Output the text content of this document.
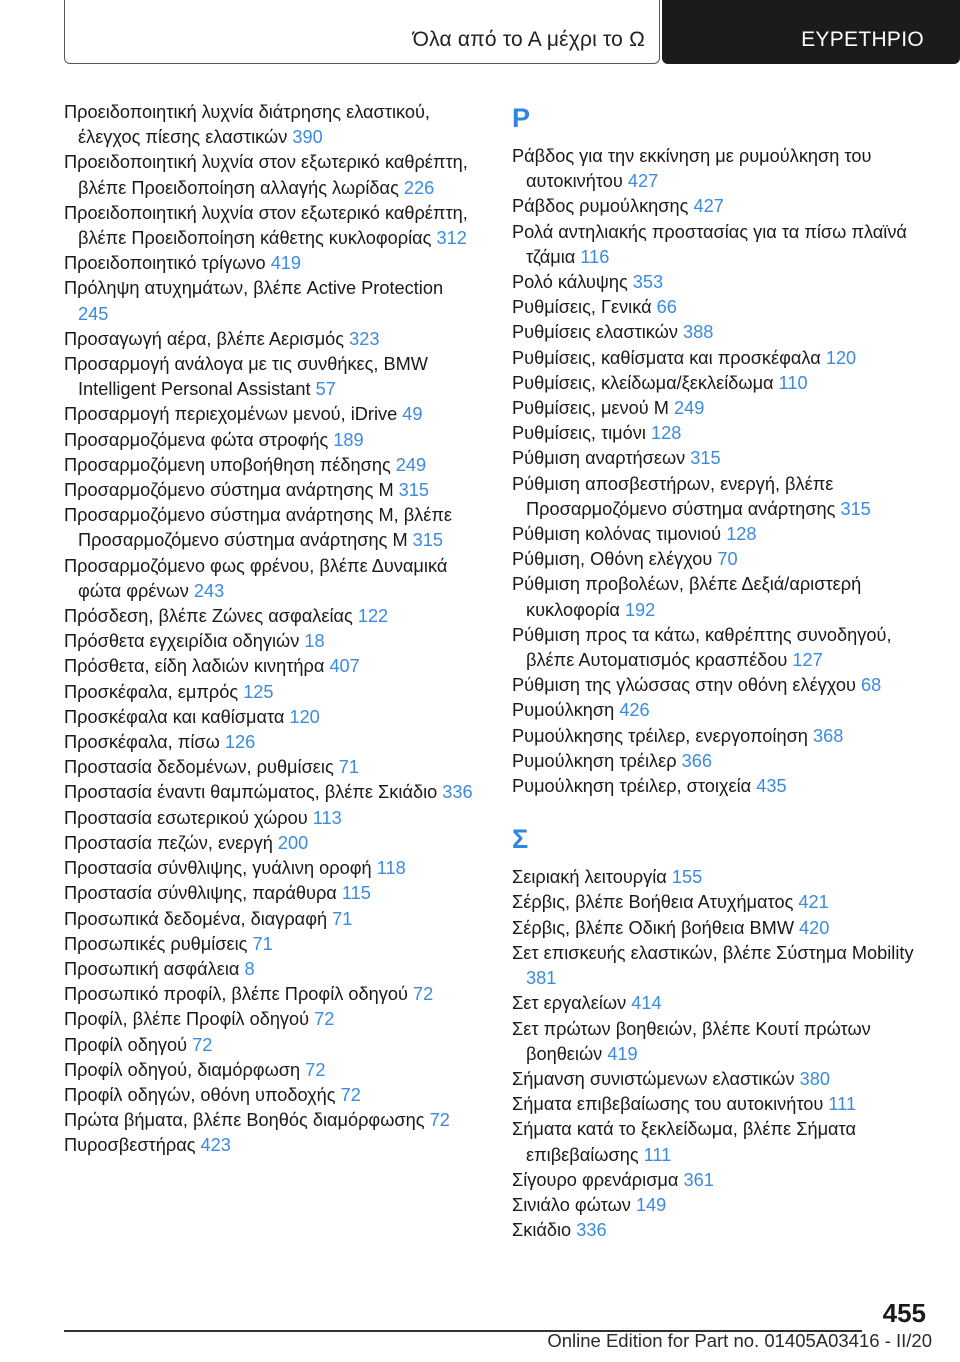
Όλα από το Α μέχρι το Ω	ΕΥΡΕΤΗΡΙΟ
Προειδοποιητική λυχνία διάτρησης ελαστικού, έλεγχος πίεσης ελαστικών 390
Προειδοποιητική λυχνία στον εξωτερικό καθρέπτη, βλέπε Προειδοποίηση αλλαγής λωρίδας 226
Προειδοποιητική λυχνία στον εξωτερικό καθρέπτη, βλέπε Προειδοποίηση κάθετης κυκλοφορίας 312
Προειδοποιητικό τρίγωνο 419
Πρόληψη ατυχημάτων, βλέπε Active Protection 245
Προσαγωγή αέρα, βλέπε Αερισμός 323
Προσαρμογή ανάλογα με τις συνθήκες, BMW Intelligent Personal Assistant 57
Προσαρμογή περιεχομένων μενού, iDrive 49
Προσαρμοζόμενα φώτα στροφής 189
Προσαρμοζόμενη υποβοήθηση πέδησης 249
Προσαρμοζόμενο σύστημα ανάρτησης M 315
Προσαρμοζόμενο σύστημα ανάρτησης M, βλέπε Προσαρμοζόμενο σύστημα ανάρτησης M 315
Προσαρμοζόμενο φως φρένου, βλέπε Δυναμικά φώτα φρένων 243
Πρόσδεση, βλέπε Ζώνες ασφαλείας 122
Πρόσθετα εγχειρίδια οδηγιών 18
Πρόσθετα, είδη λαδιών κινητήρα 407
Προσκέφαλα, εμπρός 125
Προσκέφαλα και καθίσματα 120
Προσκέφαλα, πίσω 126
Προστασία δεδομένων, ρυθμίσεις 71
Προστασία έναντι θαμπώματος, βλέπε Σκιάδιο 336
Προστασία εσωτερικού χώρου 113
Προστασία πεζών, ενεργή 200
Προστασία σύνθλιψης, γυάλινη οροφή 118
Προστασία σύνθλιψης, παράθυρα 115
Προσωπικά δεδομένα, διαγραφή 71
Προσωπικές ρυθμίσεις 71
Προσωπική ασφάλεια 8
Προσωπικό προφίλ, βλέπε Προφίλ οδηγού 72
Προφίλ, βλέπε Προφίλ οδηγού 72
Προφίλ οδηγού 72
Προφίλ οδηγού, διαμόρφωση 72
Προφίλ οδηγών, οθόνη υποδοχής 72
Πρώτα βήματα, βλέπε Βοηθός διαμόρφωσης 72
Πυροσβεστήρας 423
Ρ
Ράβδος για την εκκίνηση με ρυμούλκηση του αυτοκινήτου 427
Ράβδος ρυμούλκησης 427
Ρολά αντηλιακής προστασίας για τα πίσω πλαϊνά τζάμια 116
Ρολό κάλυψης 353
Ρυθμίσεις, Γενικά 66
Ρυθμίσεις ελαστικών 388
Ρυθμίσεις, καθίσματα και προσκέφαλα 120
Ρυθμίσεις, κλείδωμα/ξεκλείδωμα 110
Ρυθμίσεις, μενού M 249
Ρυθμίσεις, τιμόνι 128
Ρύθμιση αναρτήσεων 315
Ρύθμιση αποσβεστήρων, ενεργή, βλέπε Προσαρμοζόμενο σύστημα ανάρτησης 315
Ρύθμιση κολόνας τιμονιού 128
Ρύθμιση, Οθόνη ελέγχου 70
Ρύθμιση προβολέων, βλέπε Δεξιά/αριστερή κυκλοφορία 192
Ρύθμιση προς τα κάτω, καθρέπτης συνοδηγού, βλέπε Αυτοματισμός κρασπέδου 127
Ρύθμιση της γλώσσας στην οθόνη ελέγχου 68
Ρυμούλκηση 426
Ρυμούλκησης τρέιλερ, ενεργοποίηση 368
Ρυμούλκηση τρέιλερ 366
Ρυμούλκηση τρέιλερ, στοιχεία 435
Σ
Σειριακή λειτουργία 155
Σέρβις, βλέπε Βοήθεια Ατυχήματος 421
Σέρβις, βλέπε Οδική βοήθεια BMW 420
Σετ επισκευής ελαστικών, βλέπε Σύστημα Mobility 381
Σετ εργαλείων 414
Σετ πρώτων βοηθειών, βλέπε Κουτί πρώτων βοηθειών 419
Σήμανση συνιστώμενων ελαστικών 380
Σήματα επιβεβαίωσης του αυτοκινήτου 111
Σήματα κατά το ξεκλείδωμα, βλέπε Σήματα επιβεβαίωσης 111
Σίγουρο φρενάρισμα 361
Σινιάλο φώτων 149
Σκιάδιο 336
455
Online Edition for Part no. 01405A03416 - II/20
